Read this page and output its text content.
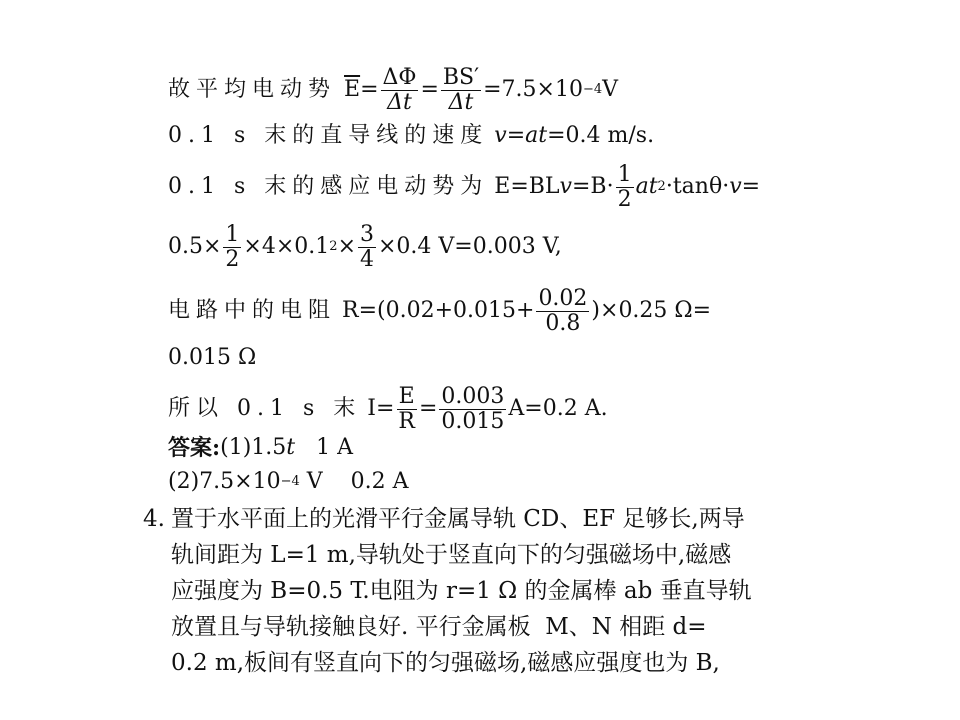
故平均电动势 $\overline{E} = \frac{\Delta\Phi}{\Delta t} = \frac{BS'}{\Delta t} =7.5\times 10 -4$ V
0.1 s 末的直导线的速度 v = at =0.4 m/s.
0.1 s 末的感应电动势为 E=BL $v =B\cdot \frac{1}{2}$ at 2 ·tanθ· v =
$0.5\times \frac{1}{2} \times 4\times 0.1$ $2 \times \frac{3}{4} \times 0.4$ V=0.003 V,
电路中的电阻 $R=(0.02+0.015+ \frac{0.02}{0.8} )\times 0.25$ Ω=
0.015 Ω
所以 0.1 s 末 $I= \frac{E}{R} = \frac{0.003}{0.015} A=0.2$ A.
答案 : (1)1.5 t 1 A
(2)7.5×10 −4 V    0.2 A
4. 置于水平面上的光滑平行金属导轨 CD、EF 足够长,两导
轨间距为 L=1 m,导轨处于竖直向下的匀强磁场中,磁感
应强度为 B=0.5 T.电阻为 r=1 Ω 的金属棒 ab 垂直导轨
放置且与导轨接触良好. 平行金属板  M、N 相距 d=
0.2 m,板间有竖直向下的匀强磁场,磁感应强度也为 B,
